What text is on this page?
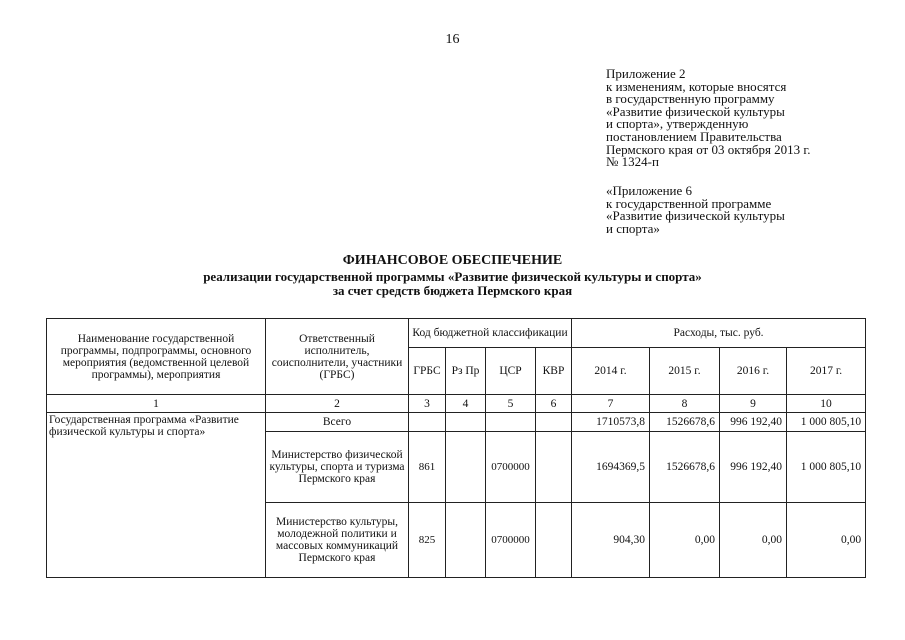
16
Приложение 2
к изменениям, которые вносятся
в государственную программу
«Развитие физической культуры
и спорта», утвержденную
постановлением Правительства
Пермского края от 03 октября 2013 г.
№ 1324-п
«Приложение 6
к государственной программе
«Развитие физической культуры
и спорта»
ФИНАНСОВОЕ ОБЕСПЕЧЕНИЕ
реализации государственной программы «Развитие физической культуры и спорта»
за счет средств бюджета Пермского края
Наименование государственной программы, подпрограммы, основного мероприятия (ведомственной целевой программы), мероприятия	Ответственный исполнитель, соисполнители, участники (ГРБС)	Код бюджетной классификации				Расходы, тыс. руб.			
		ГРБС	Рз Пр	ЦСР	КВР	2014 г.	2015 г.	2016 г.	2017 г.
1	2	3	4	5	6	7	8	9	10
Государственная программа «Развитие физической культуры и спорта»	Всего					1710573,8	1526678,6	996 192,40	1 000 805,10
	Министерство физической культуры, спорта и туризма Пермского края	861		0700000		1694369,5	1526678,6	996 192,40	1 000 805,10
	Министерство культуры, молодежной политики и массовых коммуникаций Пермского края	825		0700000		904,30	0,00	0,00	0,00
